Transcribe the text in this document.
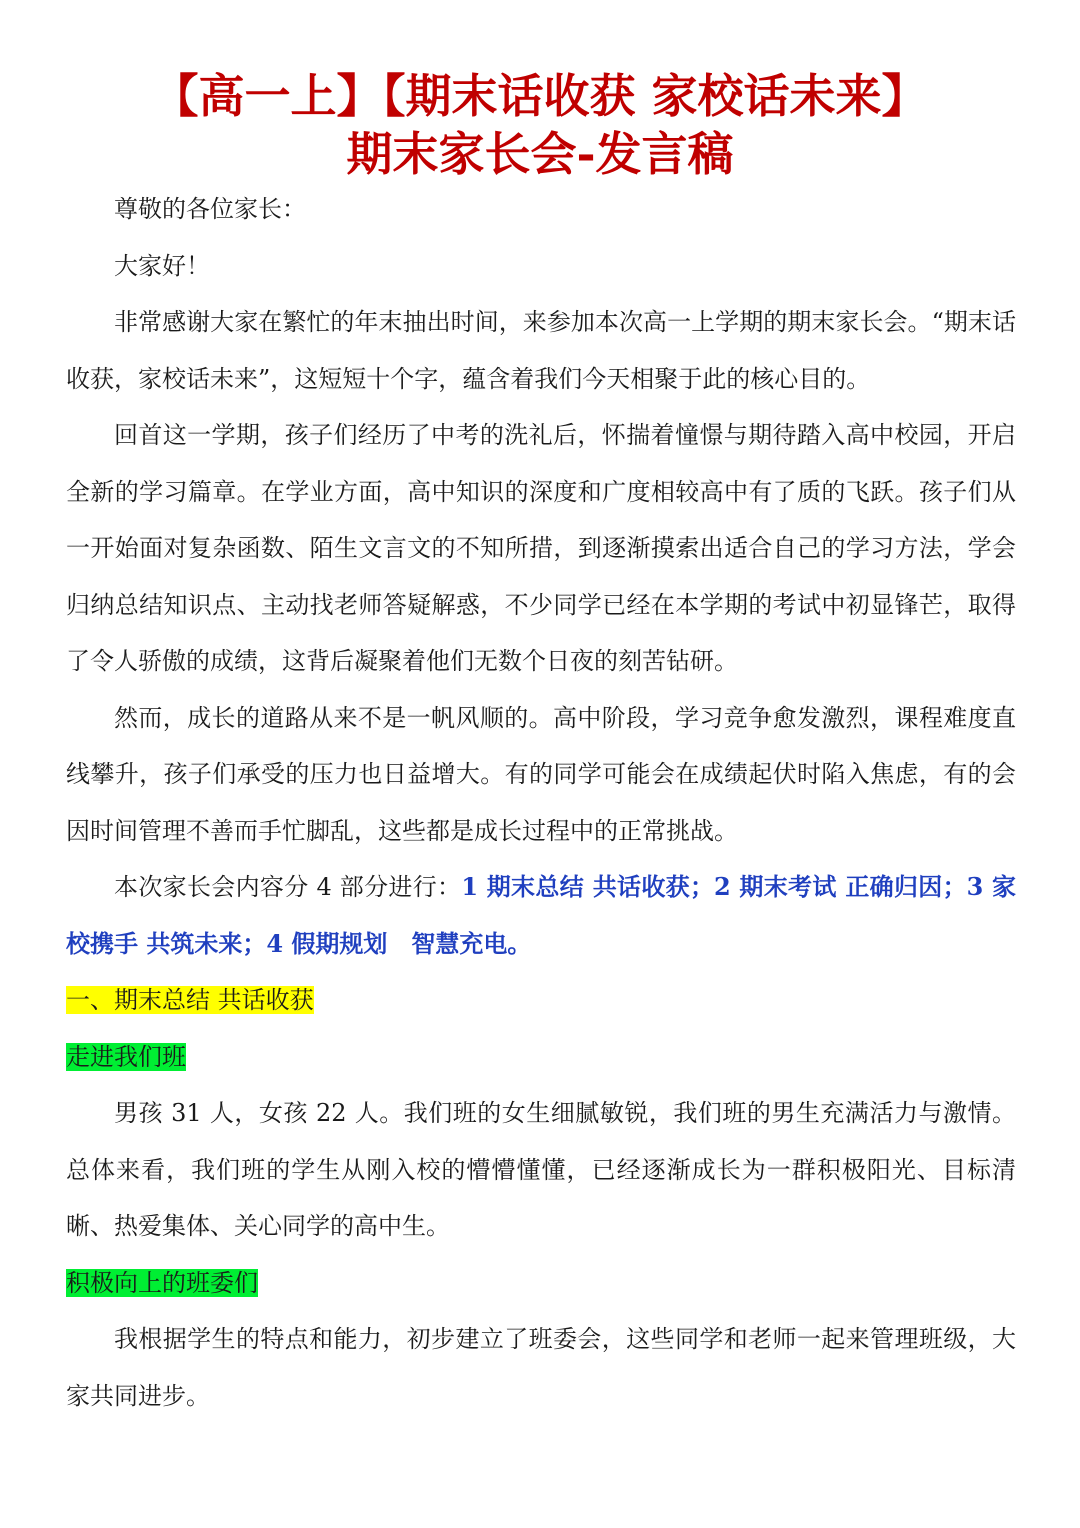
【高一上】【期末话收获 家校话未来】
期末家长会-发言稿

尊敬的各位家长：

大家好！

非常感谢大家在繁忙的年末抽出时间，来参加本次高一上学期的期末家长会。“期末话收获，家校话未来”，这短短十个字，蕴含着我们今天相聚于此的核心目的。

回首这一学期，孩子们经历了中考的洗礼后，怀揣着憧憬与期待踏入高中校园，开启全新的学习篇章。在学业方面，高中知识的深度和广度相较高中有了质的飞跃。孩子们从一开始面对复杂函数、陌生文言文的不知所措，到逐渐摸索出适合自己的学习方法，学会归纳总结知识点、主动找老师答疑解惑，不少同学已经在本学期的考试中初显锋芒，取得了令人骄傲的成绩，这背后凝聚着他们无数个日夜的刻苦钻研。

然而，成长的道路从来不是一帆风顺的。高中阶段，学习竞争愈发激烈，课程难度直线攀升，孩子们承受的压力也日益增大。有的同学可能会在成绩起伏时陷入焦虑，有的会因时间管理不善而手忙脚乱，这些都是成长过程中的正常挑战。

本次家长会内容分 4 部分进行：1 期末总结 共话收获；2 期末考试 正确归因；3 家校携手 共筑未来；4 假期规划　智慧充电。

一、期末总结 共话收获

走进我们班

男孩 31 人，女孩 22 人。我们班的女生细腻敏锐，我们班的男生充满活力与激情。总体来看，我们班的学生从刚入校的懵懵懂懂，已经逐渐成长为一群积极阳光、目标清晰、热爱集体、关心同学的高中生。

积极向上的班委们

我根据学生的特点和能力，初步建立了班委会，这些同学和老师一起来管理班级，大家共同进步。
